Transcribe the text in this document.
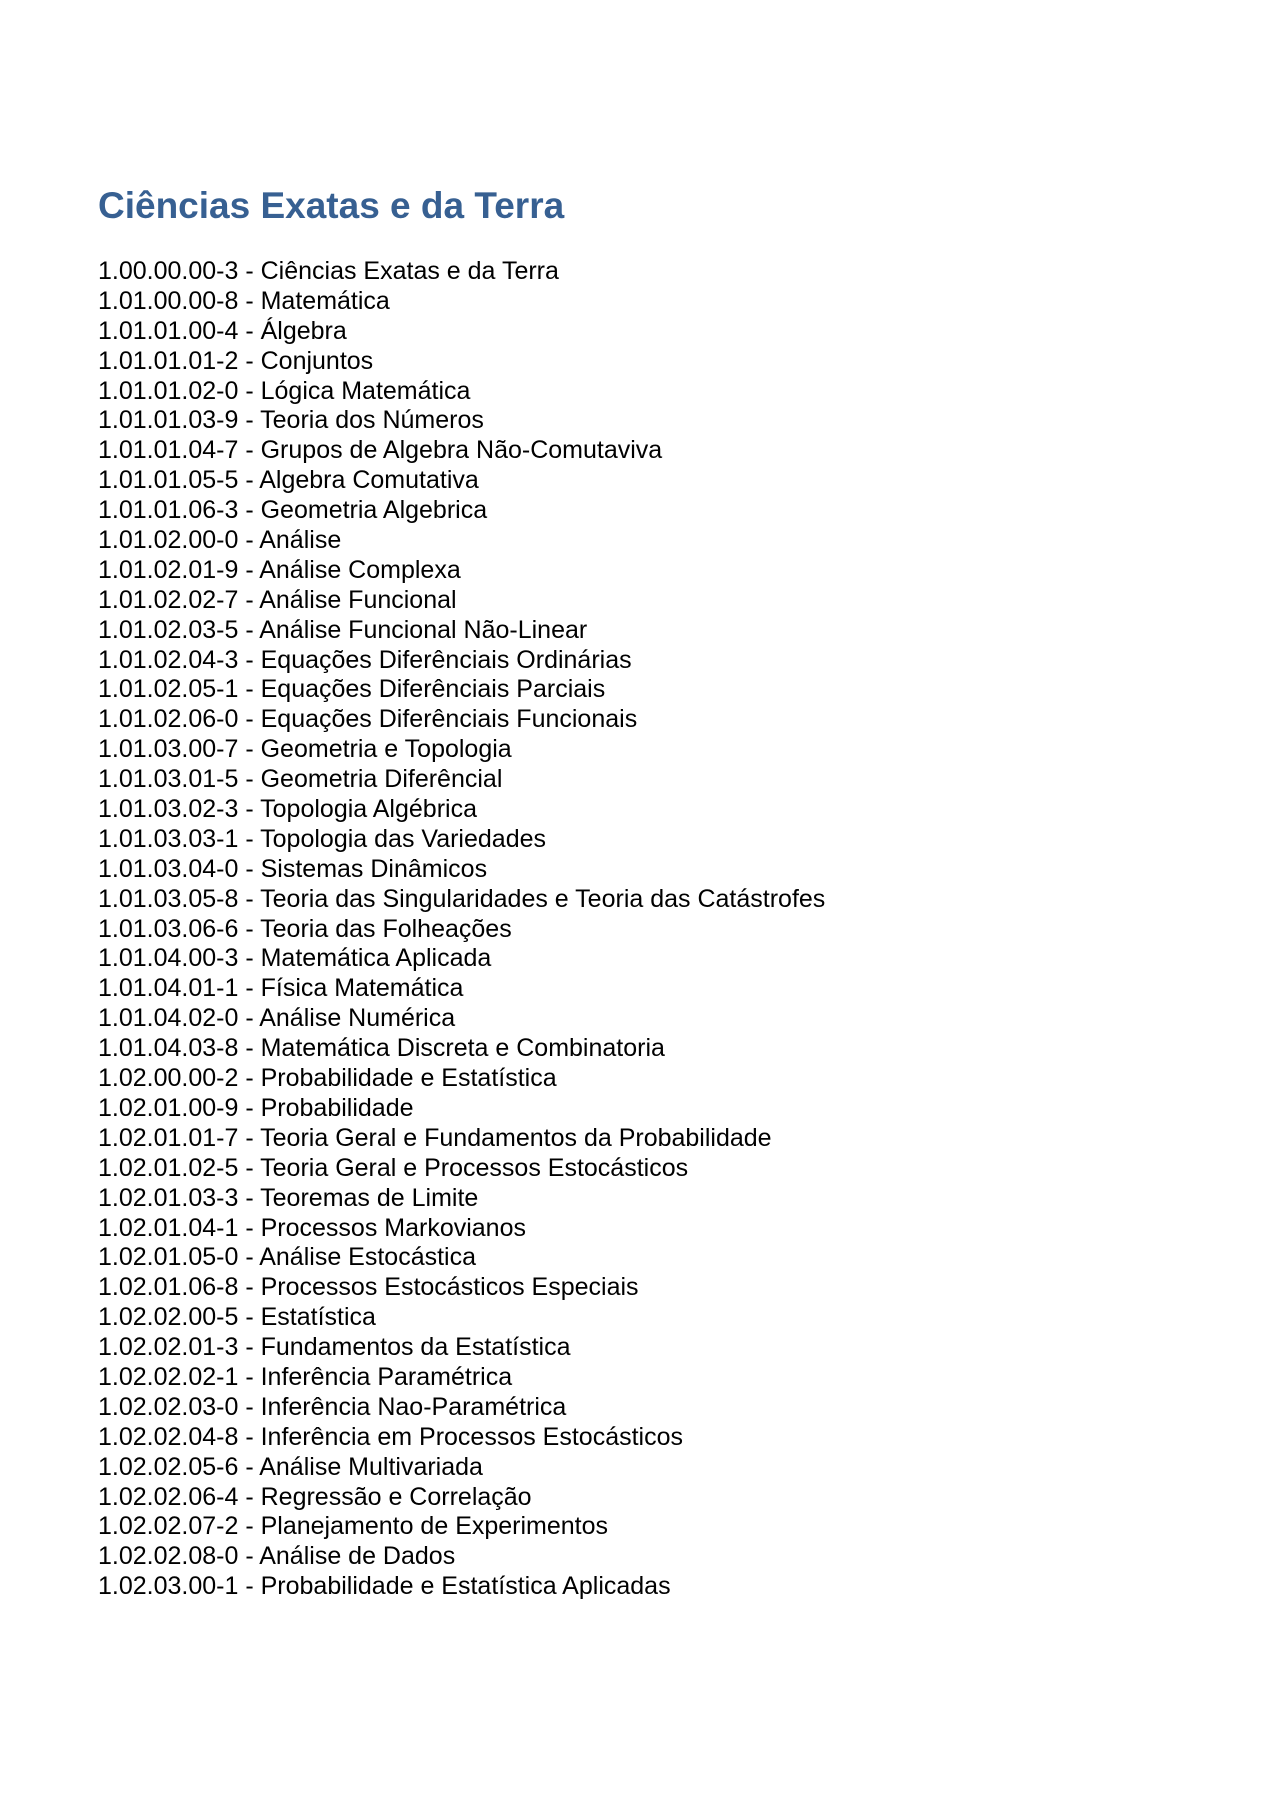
Ciências Exatas e da Terra
1.00.00.00-3 - Ciências Exatas e da Terra
1.01.00.00-8 - Matemática
1.01.01.00-4 - Álgebra
1.01.01.01-2 - Conjuntos
1.01.01.02-0 - Lógica Matemática
1.01.01.03-9 - Teoria dos Números
1.01.01.04-7 - Grupos de Algebra Não-Comutaviva
1.01.01.05-5 - Algebra Comutativa
1.01.01.06-3 - Geometria Algebrica
1.01.02.00-0 - Análise
1.01.02.01-9 - Análise Complexa
1.01.02.02-7 - Análise Funcional
1.01.02.03-5 - Análise Funcional Não-Linear
1.01.02.04-3 - Equações Diferênciais Ordinárias
1.01.02.05-1 - Equações Diferênciais Parciais
1.01.02.06-0 - Equações Diferênciais Funcionais
1.01.03.00-7 - Geometria e Topologia
1.01.03.01-5 - Geometria Diferêncial
1.01.03.02-3 - Topologia Algébrica
1.01.03.03-1 - Topologia das Variedades
1.01.03.04-0 - Sistemas Dinâmicos
1.01.03.05-8 - Teoria das Singularidades e Teoria das Catástrofes
1.01.03.06-6 - Teoria das Folheações
1.01.04.00-3 - Matemática Aplicada
1.01.04.01-1 - Física Matemática
1.01.04.02-0 - Análise Numérica
1.01.04.03-8 - Matemática Discreta e Combinatoria
1.02.00.00-2 - Probabilidade e Estatística
1.02.01.00-9 - Probabilidade
1.02.01.01-7 - Teoria Geral e Fundamentos da Probabilidade
1.02.01.02-5 - Teoria Geral e Processos Estocásticos
1.02.01.03-3 - Teoremas de Limite
1.02.01.04-1 - Processos Markovianos
1.02.01.05-0 - Análise Estocástica
1.02.01.06-8 - Processos Estocásticos Especiais
1.02.02.00-5 - Estatística
1.02.02.01-3 - Fundamentos da Estatística
1.02.02.02-1 - Inferência Paramétrica
1.02.02.03-0 - Inferência Nao-Paramétrica
1.02.02.04-8 - Inferência em Processos Estocásticos
1.02.02.05-6 - Análise Multivariada
1.02.02.06-4 - Regressão e Correlação
1.02.02.07-2 - Planejamento de Experimentos
1.02.02.08-0 - Análise de Dados
1.02.03.00-1 - Probabilidade e Estatística Aplicadas
